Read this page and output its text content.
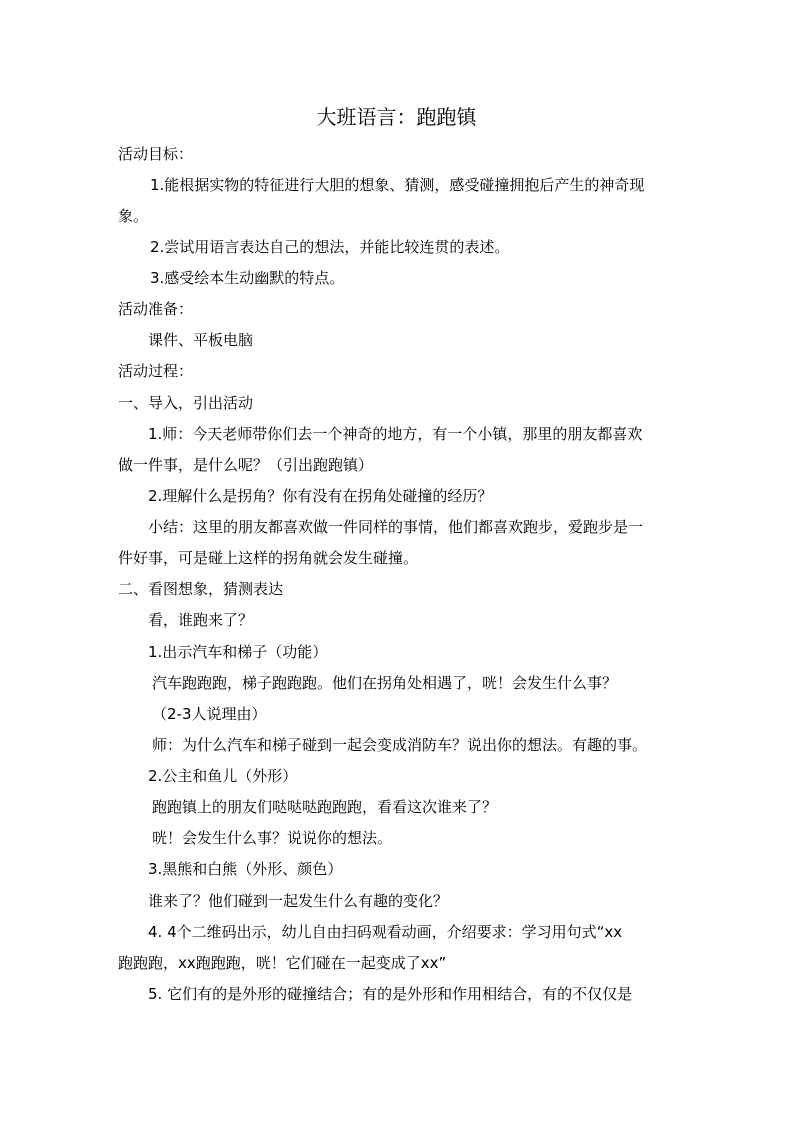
大班语言：跑跑镇
活动目标：
1.能根据实物的特征进行大胆的想象、猜测，感受碰撞拥抱后产生的神奇现
象。
2.尝试用语言表达自己的想法，并能比较连贯的表述。
3.感受绘本生动幽默的特点。
活动准备：
课件、平板电脑
活动过程：
一、导入，引出活动
1.师：今天老师带你们去一个神奇的地方，有一个小镇，那里的朋友都喜欢
做一件事，是什么呢？（引出跑跑镇）
2.理解什么是拐角？你有没有在拐角处碰撞的经历？
小结：这里的朋友都喜欢做一件同样的事情，他们都喜欢跑步，爱跑步是一
件好事，可是碰上这样的拐角就会发生碰撞。
二、看图想象，猜测表达
看，谁跑来了？
1.出示汽车和梯子（功能）
汽车跑跑跑，梯子跑跑跑。他们在拐角处相遇了，咣！会发生什么事？
（2-3人说理由）
师：为什么汽车和梯子碰到一起会变成消防车？说出你的想法。有趣的事。
2.公主和鱼儿（外形）
跑跑镇上的朋友们哒哒哒跑跑跑，看看这次谁来了？
咣！会发生什么事？说说你的想法。
3.黑熊和白熊（外形、颜色）
谁来了？他们碰到一起发生什么有趣的变化？
4. 4个二维码出示，幼儿自由扫码观看动画，介绍要求：学习用句式“xx
跑跑跑，xx跑跑跑，咣！它们碰在一起变成了xx”
5. 它们有的是外形的碰撞结合；有的是外形和作用相结合，有的不仅仅是
